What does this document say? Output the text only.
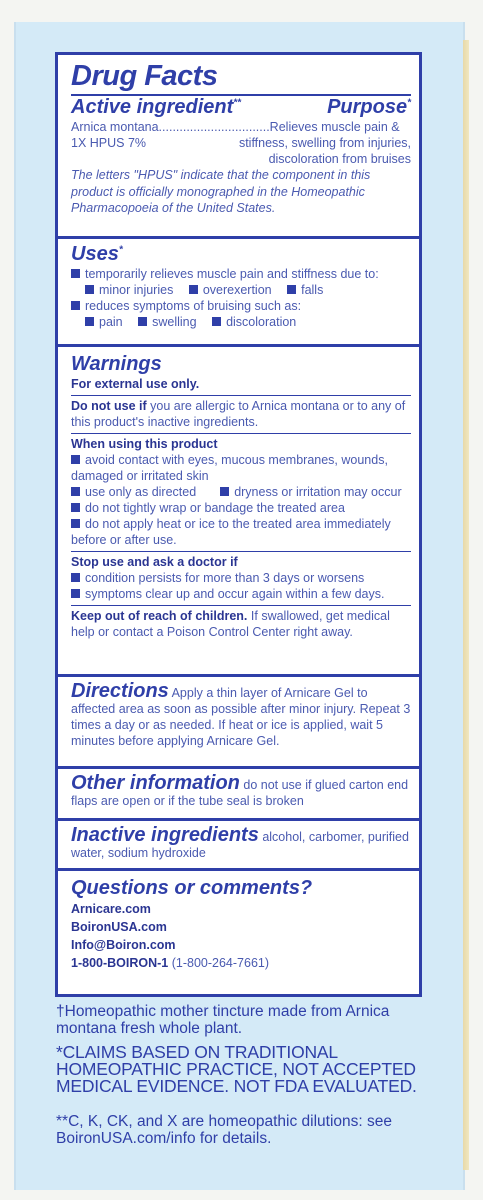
Drug Facts
Active ingredient**	Purpose*
Arnica montana................................Relieves muscle pain &
1X HPUS 7%	stiffness, swelling from injuries,
discoloration from bruises
The letters "HPUS" indicate that the component in this product is officially monographed in the Homeopathic Pharmacopoeia of the United States.
Uses*
temporarily relieves muscle pain and stiffness due to:
minor injuries overexertion falls
reduces symptoms of bruising such as:
pain swelling discoloration
Warnings
For external use only.
Do not use if you are allergic to Arnica montana or to any of this product's inactive ingredients.
When using this product
avoid contact with eyes, mucous membranes, wounds, damaged or irritated skin
use only as directed	dryness or irritation may occur
do not tightly wrap or bandage the treated area
do not apply heat or ice to the treated area immediately before or after use.
Stop use and ask a doctor if
condition persists for more than 3 days or worsens
symptoms clear up and occur again within a few days.
Keep out of reach of children. If swallowed, get medical help or contact a Poison Control Center right away.
Directions Apply a thin layer of Arnicare Gel to affected area as soon as possible after minor injury. Repeat 3 times a day or as needed. If heat or ice is applied, wait 5 minutes before applying Arnicare Gel.
Other information do not use if glued carton end flaps are open or if the tube seal is broken
Inactive ingredients alcohol, carbomer, purified water, sodium hydroxide
Questions or comments?
Arnicare.com
BoironUSA.com
Info@Boiron.com
1-800-BOIRON-1 (1-800-264-7661)
†Homeopathic mother tincture made from Arnica montana fresh whole plant.
*CLAIMS BASED ON TRADITIONAL HOMEOPATHIC PRACTICE, NOT ACCEPTED MEDICAL EVIDENCE. NOT FDA EVALUATED.
**C, K, CK, and X are homeopathic dilutions: see BoironUSA.com/info for details.
